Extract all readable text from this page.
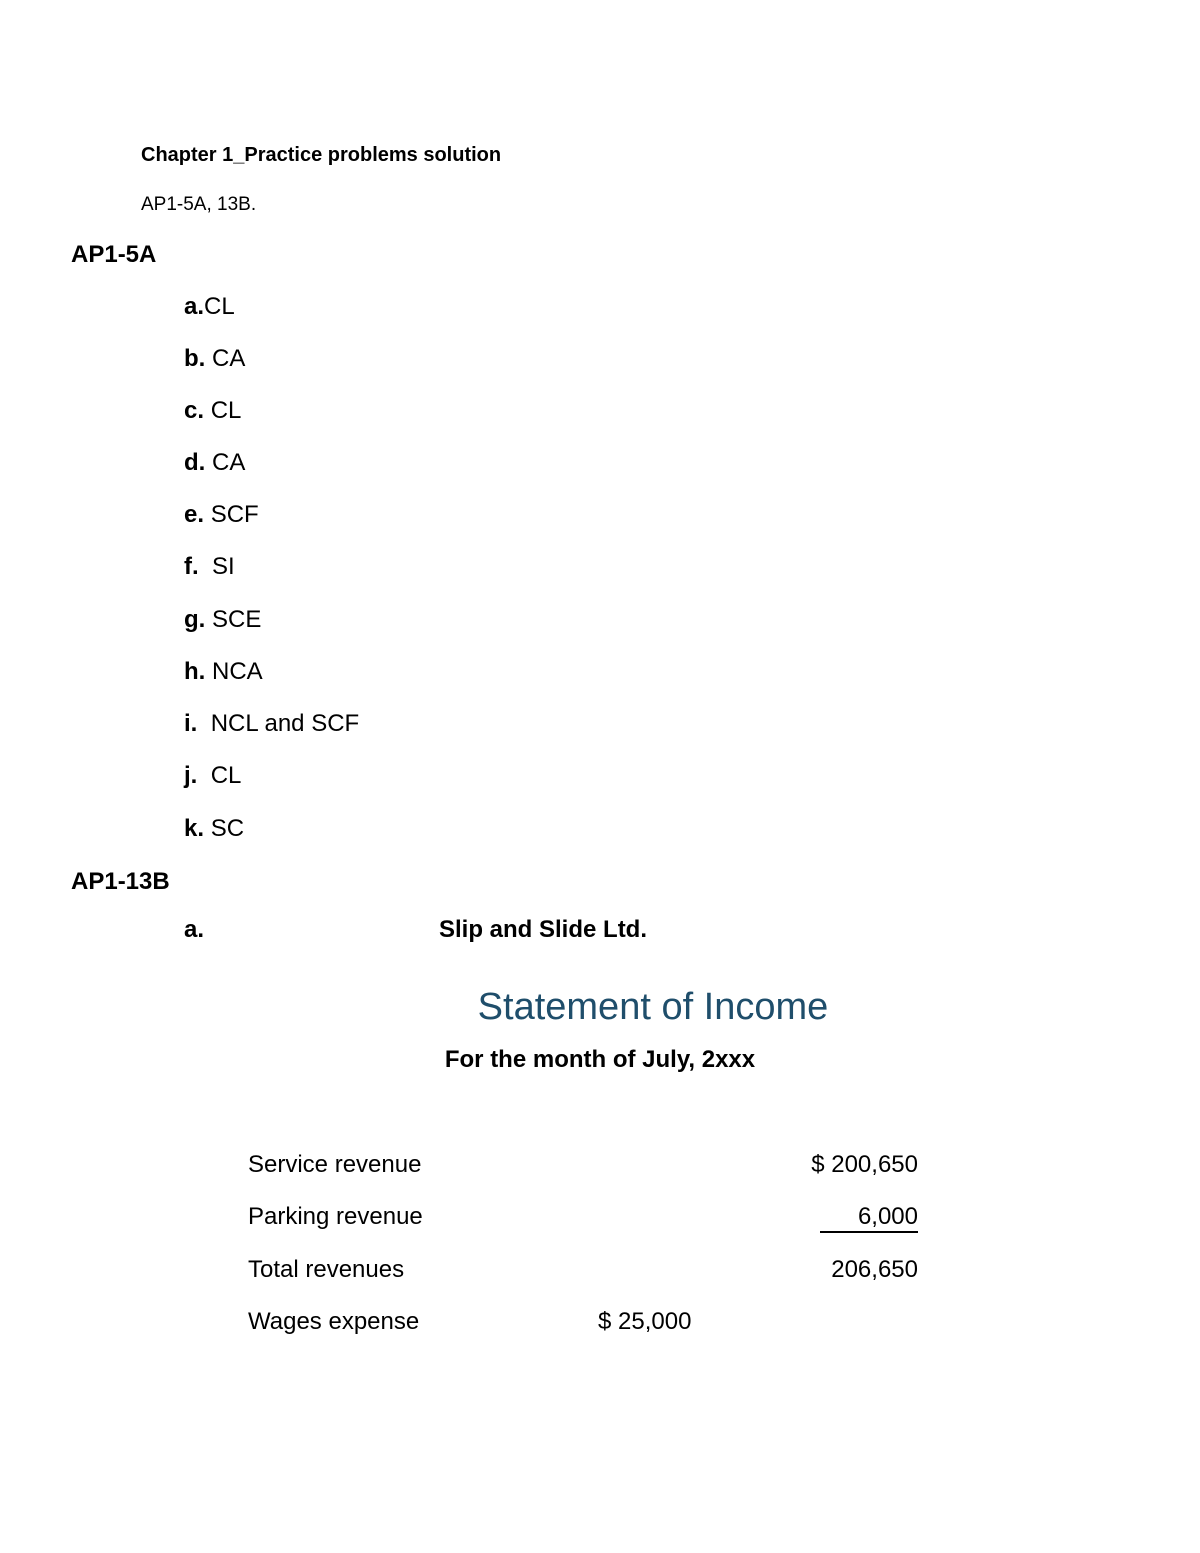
Chapter 1_Practice problems solution
AP1-5A, 13B.
AP1-5A
a.CL
b. CA
c. CL
d. CA
e. SCF
f. SI
g. SCE
h. NCA
i. NCL and SCF
j. CL
k. SC
AP1-13B
a.	Slip and Slide Ltd.
Statement of Income
For the month of July, 2xxx
Service revenue	$ 200,650
Parking revenue	6,000
Total revenues	206,650
Wages expense	$ 25,000
